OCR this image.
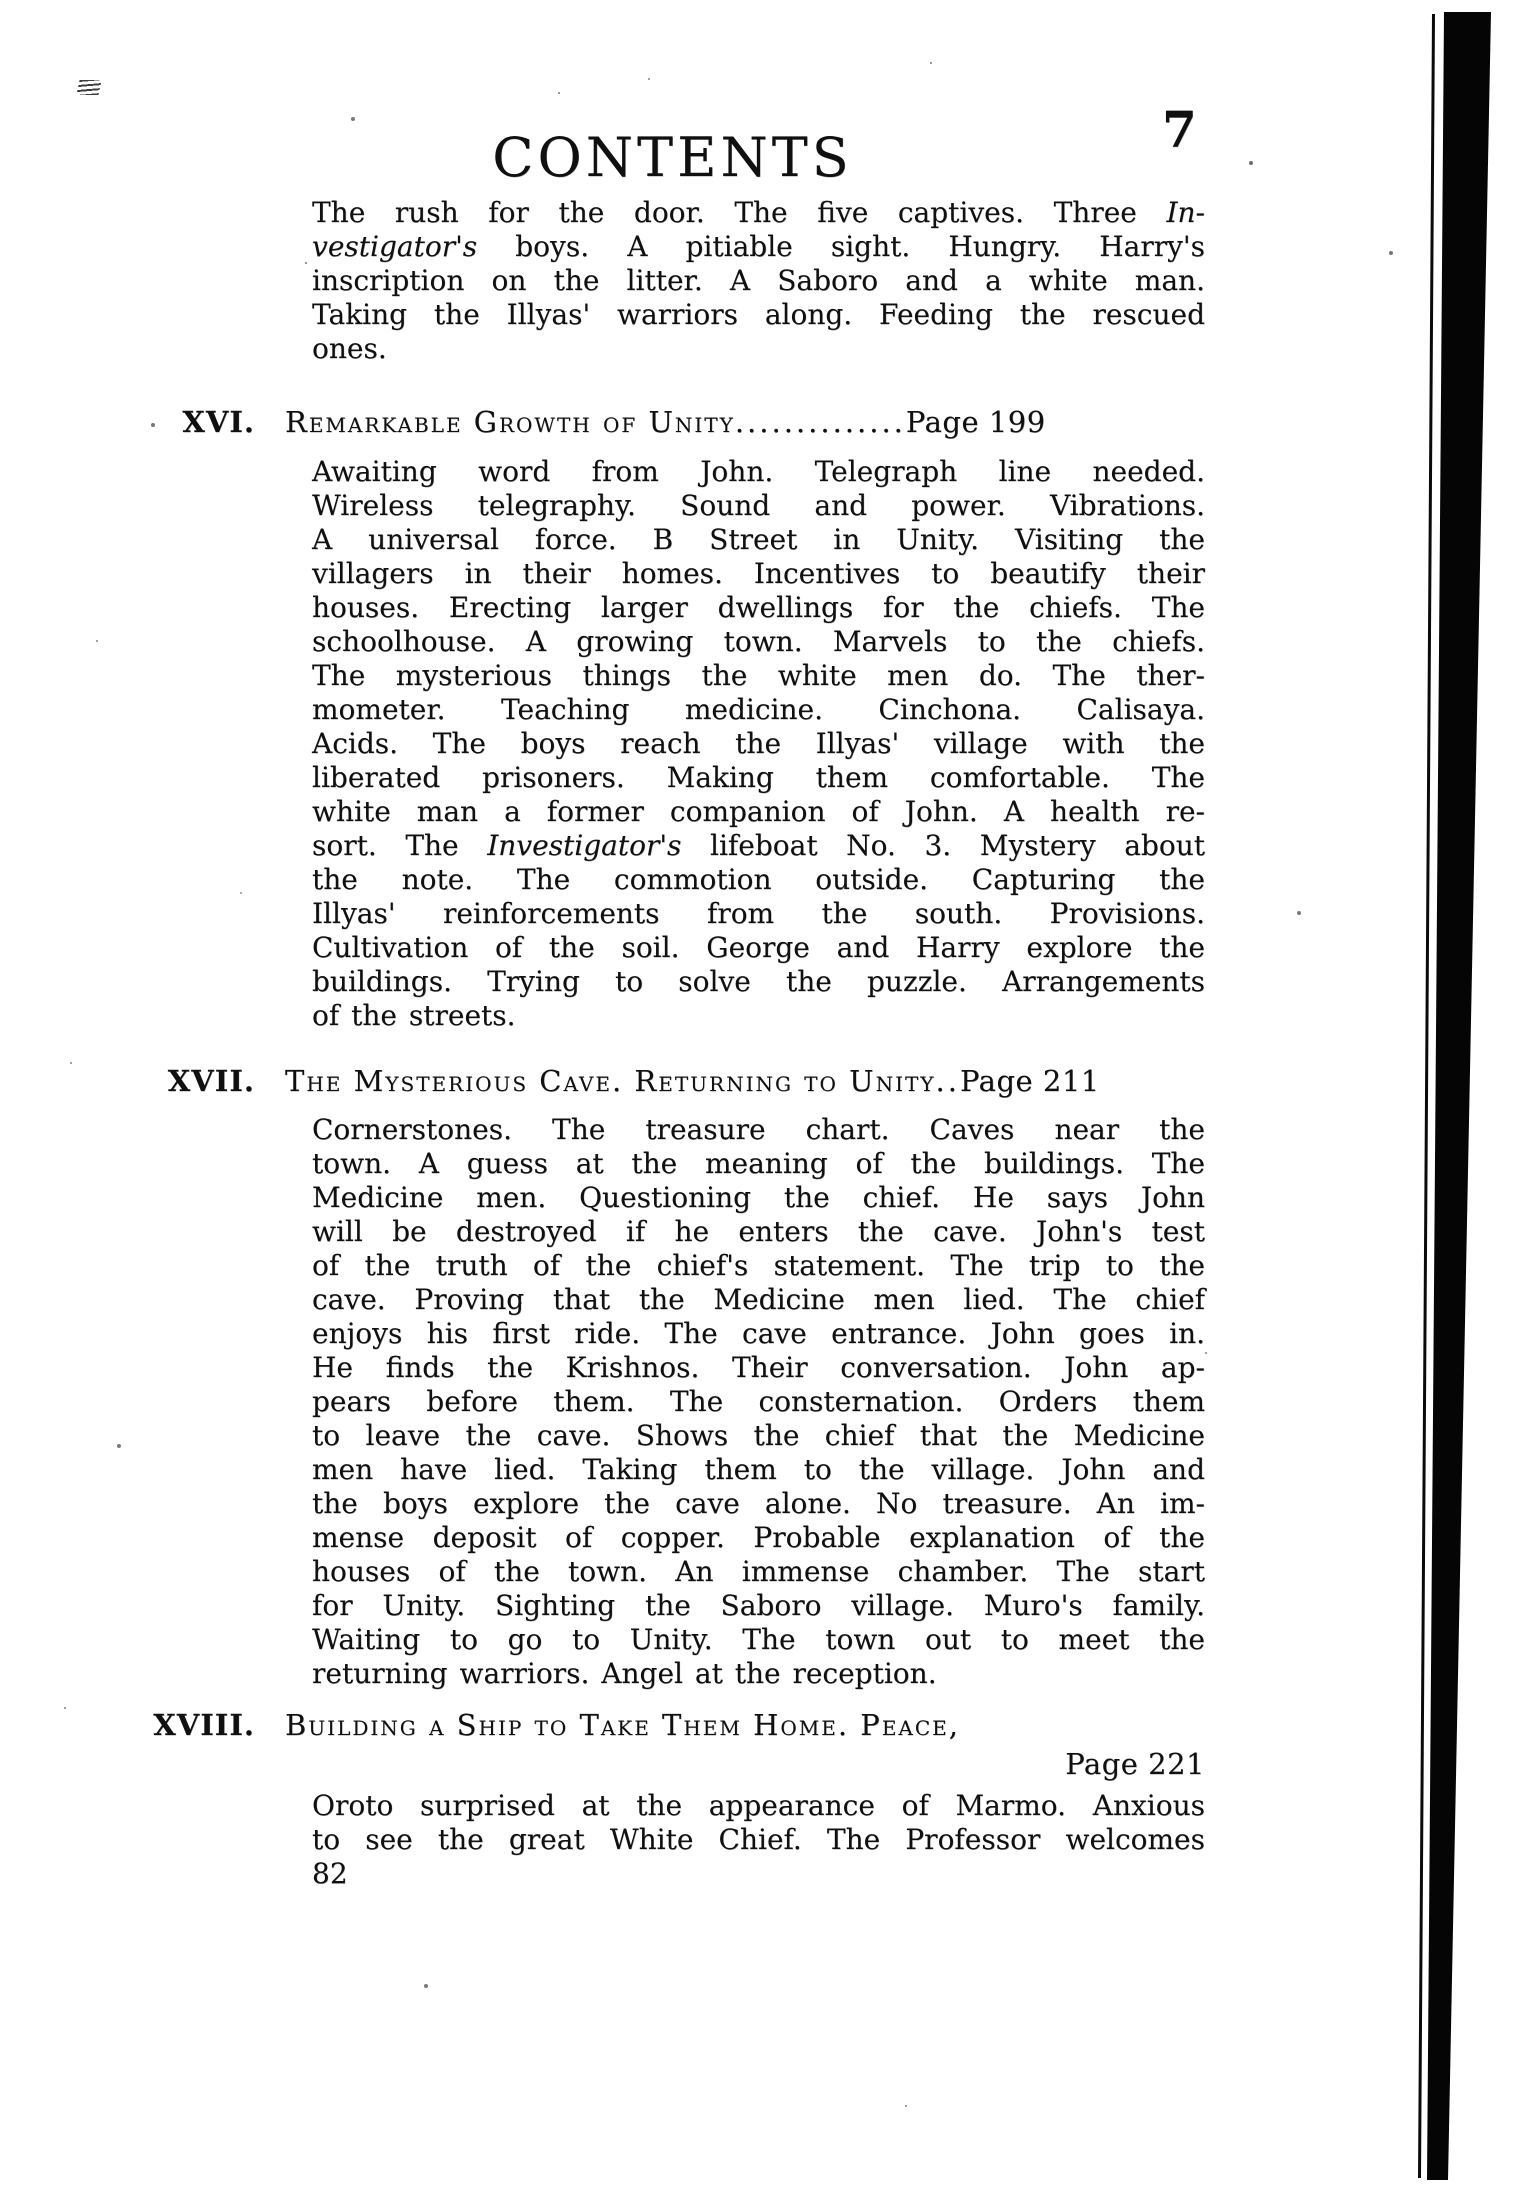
CONTENTS	7
The rush for the door. The five captives. Three In-
vestigator's boys. A pitiable sight. Hungry. Harry's
inscription on the litter. A Saboro and a white man.
Taking the Illyas' warriors along. Feeding the rescued
ones.
XVI.	Remarkable Growth of Unity..............Page 199
Awaiting word from John. Telegraph line needed.
Wireless telegraphy. Sound and power. Vibrations.
A universal force. B Street in Unity. Visiting the
villagers in their homes. Incentives to beautify their
houses. Erecting larger dwellings for the chiefs. The
schoolhouse. A growing town. Marvels to the chiefs.
The mysterious things the white men do. The ther-
mometer. Teaching medicine. Cinchona. Calisaya.
Acids. The boys reach the Illyas' village with the
liberated prisoners. Making them comfortable. The
white man a former companion of John. A health re-
sort. The Investigator's lifeboat No. 3. Mystery about
the note. The commotion outside. Capturing the
Illyas' reinforcements from the south. Provisions.
Cultivation of the soil. George and Harry explore the
buildings. Trying to solve the puzzle. Arrangements
of the streets.
XVII.	The Mysterious Cave. Returning to Unity..Page 211
Cornerstones. The treasure chart. Caves near the
town. A guess at the meaning of the buildings. The
Medicine men. Questioning the chief. He says John
will be destroyed if he enters the cave. John's test
of the truth of the chief's statement. The trip to the
cave. Proving that the Medicine men lied. The chief
enjoys his first ride. The cave entrance. John goes in.
He finds the Krishnos. Their conversation. John ap-
pears before them. The consternation. Orders them
to leave the cave. Shows the chief that the Medicine
men have lied. Taking them to the village. John and
the boys explore the cave alone. No treasure. An im-
mense deposit of copper. Probable explanation of the
houses of the town. An immense chamber. The start
for Unity. Sighting the Saboro village. Muro's family.
Waiting to go to Unity. The town out to meet the
returning warriors. Angel at the reception.
XVIII.	Building a Ship to Take Them Home. Peace,
Page 221
Oroto surprised at the appearance of Marmo. Anxious
to see the great White Chief. The Professor welcomes
82
